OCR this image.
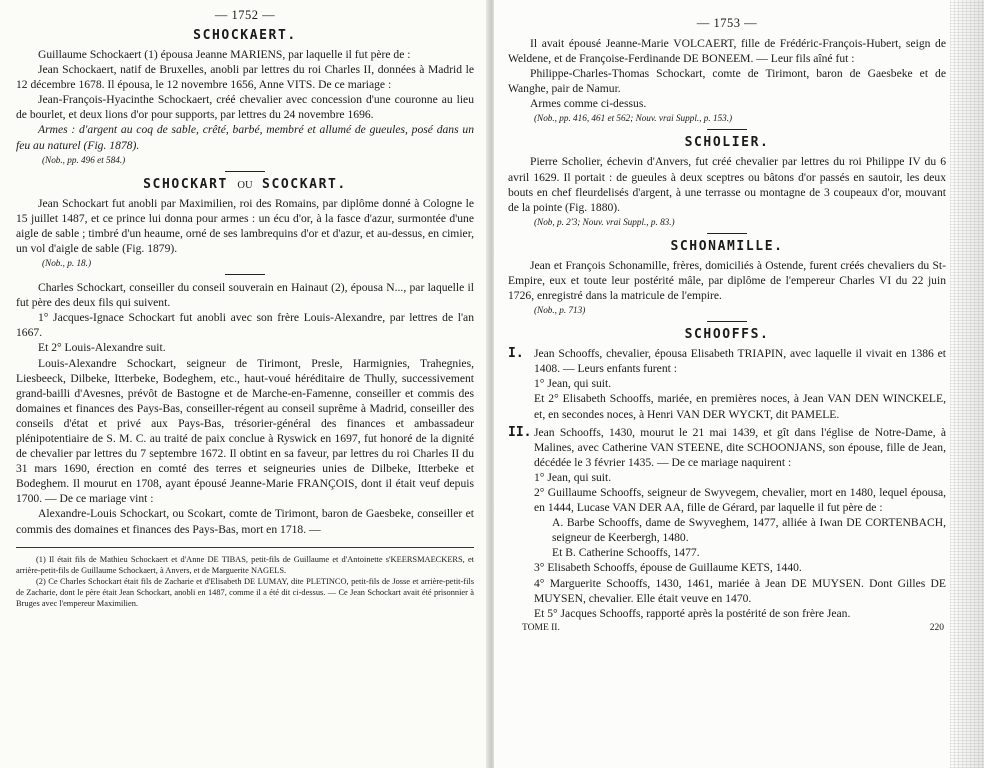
— 1752 —
SCHOCKAERT.

Guillaume Schockaert (1) épousa Jeanne MARIENS, par laquelle il fut père de :

Jean Schockaert, natif de Bruxelles, anobli par lettres du roi Charles II, données à Madrid le 12 décembre 1678. Il épousa, le 12 novembre 1656, Anne VITS. De ce mariage :

Jean-François-Hyacinthe Schockaert, créé chevalier avec concession d'une couronne au lieu de bourlet, et deux lions d'or pour supports, par lettres du 24 novembre 1696.

Armes : d'argent au coq de sable, crêté, barbé, membré et allumé de gueules, posé dans un feu au naturel (Fig. 1878).

(Nob., pp. 496 et 584.)
SCHOCKART OU SCOCKART.

Jean Schockart fut anobli par Maximilien, roi des Romains, par diplôme donné à Cologne le 15 juillet 1487, et ce prince lui donna pour armes : un écu d'or, à la fasce d'azur, surmontée d'une aigle de sable ; timbré d'un heaume, orné de ses lambrequins d'or et d'azur, et au-dessus, en cimier, un vol d'aigle de sable (Fig. 1879).

(Nob., p. 18.)

Charles Schockart, conseiller du conseil souverain en Hainaut (2), épousa N..., par laquelle il fut père des deux fils qui suivent.

1° Jacques-Ignace Schockart fut anobli avec son frère Louis-Alexandre, par lettres de l'an 1667.

Et 2° Louis-Alexandre suit.

Louis-Alexandre Schockart, seigneur de Tirimont, Presle, Harmignies, Trahegnies, Liesbeeck, Dilbeke, Itterbeke, Bodeghem, etc., haut-voué héréditaire de Thully, successivement grand-bailli d'Avesnes, prévôt de Bastogne et de Marche-en-Famenne, conseiller et commis des domaines et finances des Pays-Bas, conseiller-régent au conseil suprême à Madrid, conseiller des conseils d'état et privé aux Pays-Bas, trésorier-général des finances et ambassadeur plénipotentiaire de S. M. C. au traité de paix conclue à Ryswick en 1697, fut honoré de la dignité de chevalier par lettres du 7 septembre 1672. Il obtint en sa faveur, par lettres du roi Charles II du 31 mars 1690, érection en comté des terres et seigneuries unies de Dilbeke, Itterbeke et Bodeghem. Il mourut en 1708, ayant épousé Jeanne-Marie FRANÇOIS, dont il était veuf depuis 1700. — De ce mariage vint :

Alexandre-Louis Schockart, ou Scokart, comte de Tirimont, baron de Gaesbeke, conseiller et commis des domaines et finances des Pays-Bas, mort en 1718. —

(1) Il était fils de Mathieu Schockaert et d'Anne DE TIBAS, petit-fils de Guillaume et d'Antoinette s'KEERSMAECKERS, et arrière-petit-fils de Guillaume Schockaert, à Anvers, et de Marguerite NAGELS.

(2) Ce Charles Schockart était fils de Zacharie et d'Elisabeth DE LUMAY, dite PLETINCO, petit-fils de Josse et arrière-petit-fils de Zacharie, dont le père était Jean Schockart, anobli en 1487, comme il a été dit ci-dessus. — Ce Jean Schockart avait été prisonnier à Bruges avec l'empereur Maximilien.

— 1753 —

Il avait épousé Jeanne-Marie VOLCAERT, fille de Frédéric-François-Hubert, seign de Weldene, et de Françoise-Ferdinande DE BONEEM. — Leur fils aîné fut :

Philippe-Charles-Thomas Schockart, comte de Tirimont, baron de Gaesbeke et de Wanghe, pair de Namur.

Armes comme ci-dessus.

(Nob., pp. 416, 461 et 562; Nouv. vrai Suppl., p. 153.)
SCHOLIER.

Pierre Scholier, échevin d'Anvers, fut créé chevalier par lettres du roi Philippe IV du 6 avril 1629. Il portait : de gueules à deux sceptres ou bâtons d'or passés en sautoir, les deux bouts en chef fleurdelisés d'argent, à une terrasse ou montagne de 3 coupeaux d'or, mouvant de la pointe (Fig. 1880).

(Nob, p. 2'3; Nouv. vrai Suppl., p. 83.)
SCHONAMILLE.

Jean et François Schonamille, frères, domiciliés à Ostende, furent créés chevaliers du St-Empire, eux et toute leur postérité mâle, par diplôme de l'empereur Charles VI du 22 juin 1726, enregistré dans la matricule de l'empire.

(Nob., p. 713)
SCHOOFFS.

I. Jean Schooffs, chevalier, épousa Elisabeth TRIAPIN, avec laquelle il vivait en 1386 et 1408. — Leurs enfants furent :

1° Jean, qui suit.

Et 2° Elisabeth Schooffs, mariée, en premières noces, à Jean VAN DEN WINCKELE, et, en secondes noces, à Henri VAN DER WYCKT, dit PAMELE.

II. Jean Schooffs, 1430, mourut le 21 mai 1439, et gît dans l'église de Notre-Dame, à Malines, avec Catherine VAN STEENE, dite SCHOONJANS, son épouse, fille de Jean, décédée le 3 février 1435. — De ce mariage naquirent :

1° Jean, qui suit.

2° Guillaume Schooffs, seigneur de Swyvegem, chevalier, mort en 1480, lequel épousa, en 1444, Lucase VAN DER AA, fille de Gérard, par laquelle il fut père de :

A. Barbe Schooffs, dame de Swyveghem, 1477, alliée à Iwan DE CORTENBACH, seigneur de Keerbergh, 1480.

Et B. Catherine Schooffs, 1477.

3° Elisabeth Schooffs, épouse de Guillaume KETS, 1440.

4° Marguerite Schooffs, 1430, 1461, mariée à Jean DE MUYSEN. Dont Gilles DE MUYSEN, chevalier. Elle était veuve en 1470.

Et 5° Jacques Schooffs, rapporté après la postérité de son frère Jean.

TOME II.	220
